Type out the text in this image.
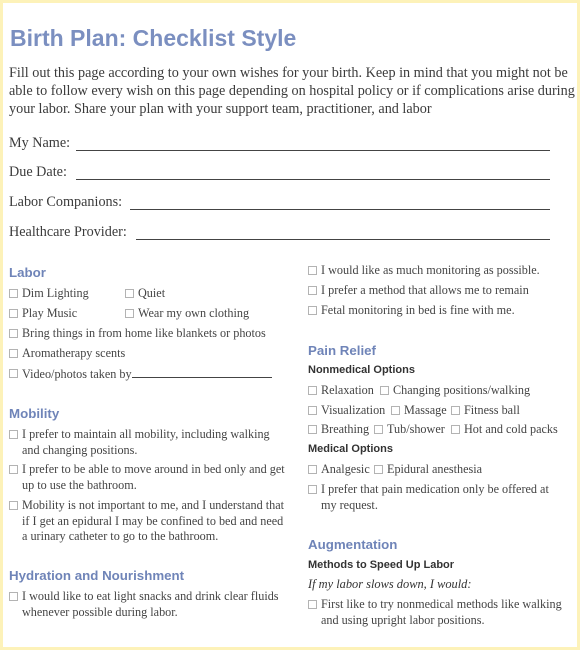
Birth Plan: Checklist Style
Fill out this page according to your own wishes for your birth. Keep in mind that you might not be able to follow every wish on this page depending on hospital policy or if complications arise during your labor. Share your plan with your support team, practitioner, and labor
My Name:
Due Date:
Labor Companions:
Healthcare Provider:
Labor
Dim Lighting	Quiet
Play Music	Wear my own clothing
Bring things in from home like blankets or photos
Aromatherapy scents
Video/photos taken by
Mobility
I prefer to maintain all mobility, including walking and changing positions.
I prefer to be able to move around in bed only and get up to use the bathroom.
Mobility is not important to me, and I understand that if I get an epidural I may be confined to bed and need a urinary catheter to go to the bathroom.
Hydration and Nourishment
I would like to eat light snacks and drink clear fluids whenever possible during labor.
I would like as much monitoring as possible.
I prefer a method that allows me to remain
Fetal monitoring in bed is fine with me.
Pain Relief
Nonmedical Options
Relaxation	Changing positions/walking
Visualization	Massage	Fitness ball
Breathing	Tub/shower	Hot and cold packs
Medical Options
Analgesic	Epidural anesthesia
I prefer that pain medication only be offered at my request.
Augmentation
Methods to Speed Up Labor
If my labor slows down, I would:
First like to try nonmedical methods like walking and using upright labor positions.
